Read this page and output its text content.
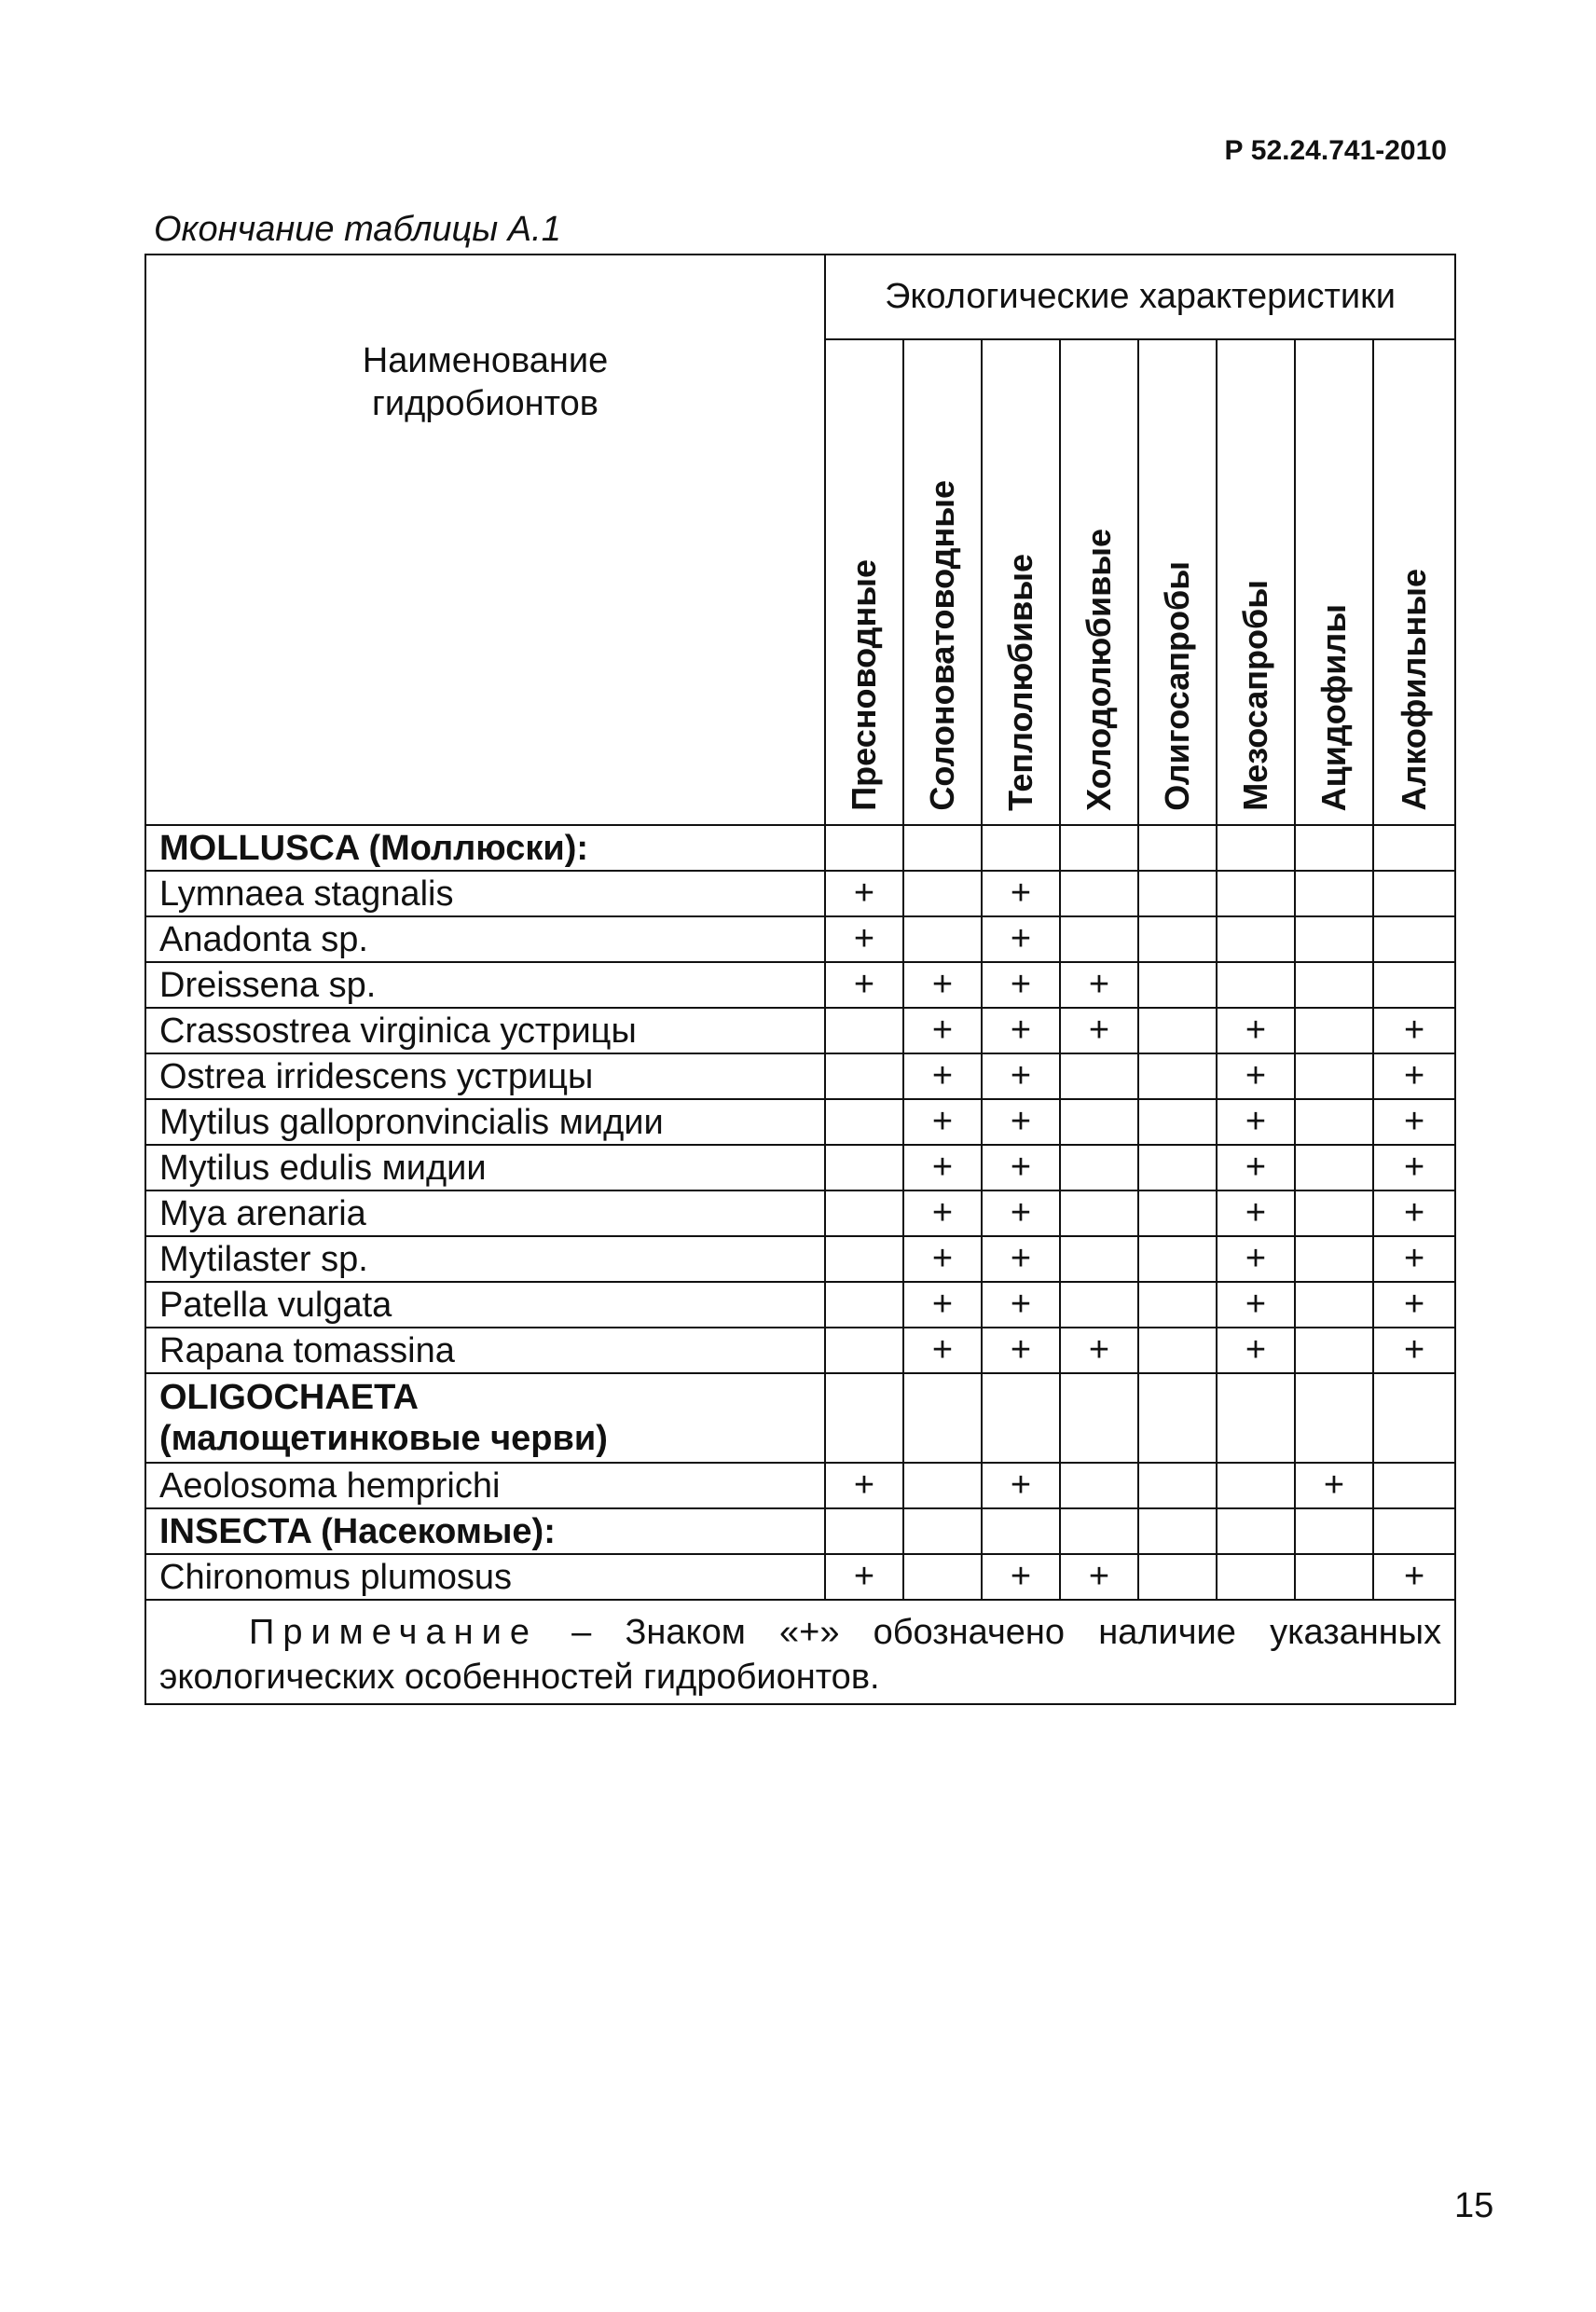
Р 52.24.741-2010
Окончание таблицы А.1
Наименование
гидробионтов	Экологические характеристики							

	Пресноводные	Солоноватоводные	Теплолюбивые	Холодолюбивые	Олигосапробы	Мезосапробы	Ацидофилы	Алкофильные

MOLLUSCA (Моллюски):								

Lymnaea stagnalis	+		+					

Anadonta sp.	+		+					

Dreissena sp.	+	+	+	+				

Crassostrea virginica устрицы		+	+	+		+		+

Ostrea irridescens устрицы		+	+			+		+

Mytilus gallopronvincialis мидии		+	+			+		+

Mytilus edulis мидии		+	+			+		+

Mya arenaria		+	+			+		+

Mytilaster sp.		+	+			+		+

Patella vulgata		+	+			+		+

Rapana tomassina		+	+	+		+		+

OLIGOCHAETA
(малощетинковые черви)								

Aeolosoma hemprichi	+		+				+	

INSECTA (Насекомые):								

Chironomus plumosus	+		+	+				+
Примечание – Знаком «+» обозначено наличие указанных экологических особенностей гидробионтов.								
15
